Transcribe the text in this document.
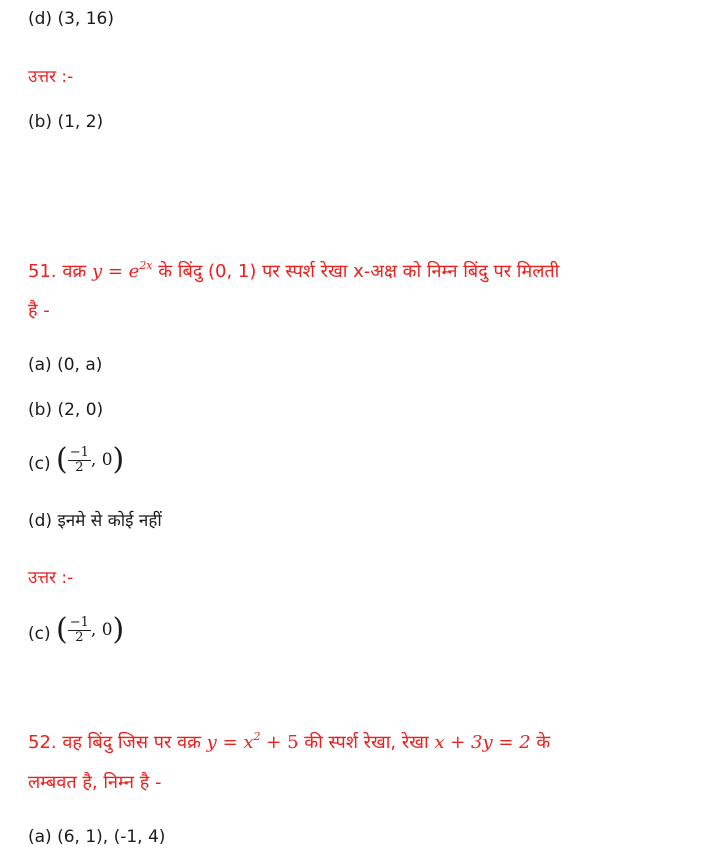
(d) (3, 16)
उत्तर :-
(b) (1, 2)
51. वक्र $y = e^{2x}$ के बिंदु (0, 1) पर स्पर्श रेखा x-अक्ष को निम्न बिंदु पर मिलती
है -
(a) (0, a)
(b) (2, 0)
(c) ( $\frac{-1}{2}$ , 0 )
(d) इनमे से कोई नहीं
उत्तर :-
(c) ( $\frac{-1}{2}$ , 0 )
52. वह बिंदु जिस पर वक्र $y = x^2 + 5$ की स्पर्श रेखा, रेखा x + 3y = 2 के
लम्बवत है, निम्न है -
(a) (6, 1), (-1, 4)
